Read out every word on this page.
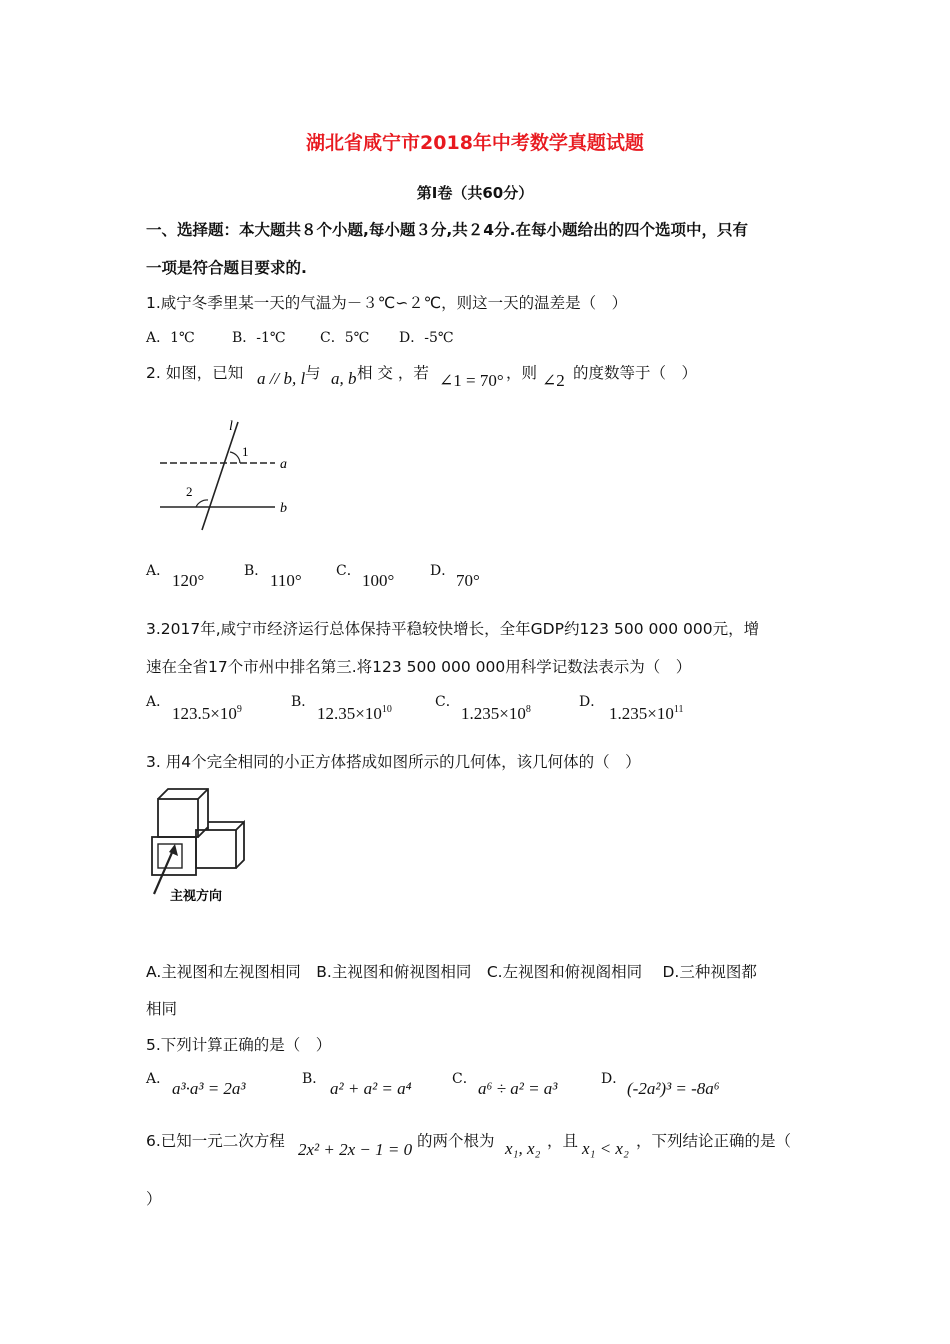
湖北省咸宁市2018年中考数学真题试题
第Ⅰ卷（共60分）
一、选择题：本大题共８个小题,每小题３分,共２4分.在每小题给出的四个选项中，只有
一项是符合题目要求的.
1.咸宁冬季里某一天的气温为－３℃∽２℃，则这一天的温差是（　）
A．1℃	B．-1℃ C．5℃ D．-5℃
2. 如图，已知 a // b, l 与 a, b 相 交 ，若 ∠1 = 70° ，则 ∠2 的度数等于（　）
l
a
b
1
2
A． 120°	B． 110° C． 100°	D． 70°
3.2017年,咸宁市经济运行总体保持平稳较快增长，全年GDP约123 500 000 000元，增
速在全省17个市州中排名第三.将123 500 000 000用科学记数法表示为（　）
A．
$123.5\times 10^9$	B．
$12.35\times 10^{10}$	C．
$1.235\times 10^8$	D．
$1.235\times 10^{11}$
3. 用4个完全相同的小正方体搭成如图所示的几何体，该几何体的（　）
主视方向
A.主视图和左视图相同　B.主视图和俯视图相同　C.左视图和俯视阁相同　 D.三种视图都
相同
5.下列计算正确的是（　）
A． a³·a³ = 2a³	B． a² + a² = a⁴	C． a⁶ ÷ a² = a³	D． (-2a²)³ = -8a⁶
6.已知一元二次方程 2x² + 2x − 1 = 0 的两个根为 x₁, x₂ ，且 x₁ < x₂ ，下列结论正确的是（
）
